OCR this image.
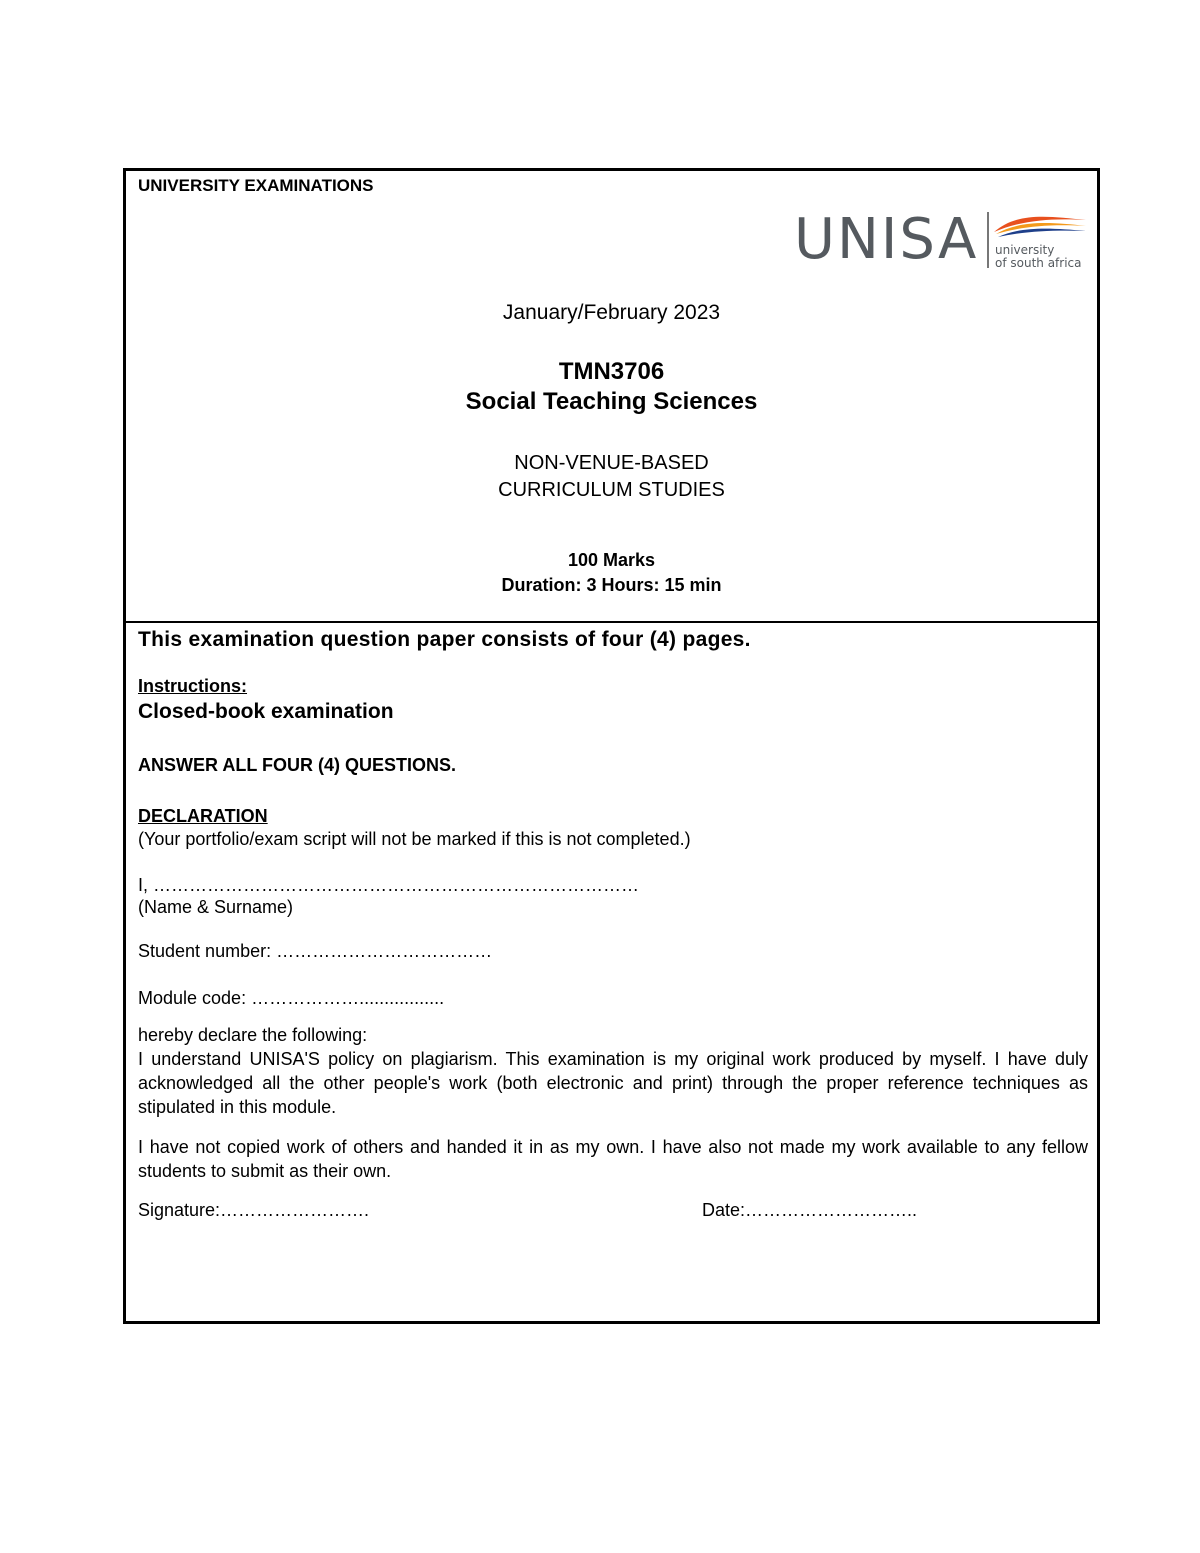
UNIVERSITY EXAMINATIONS
UNISA university
of south africa
January/February 2023
TMN3706
Social Teaching Sciences
NON-VENUE-BASED
CURRICULUM STUDIES
100 Marks
Duration: 3 Hours: 15 min
This examination question paper consists of four (4) pages.
Instructions:
Closed-book examination
ANSWER ALL FOUR (4) QUESTIONS.
DECLARATION
(Your portfolio/exam script will not be marked if this is not completed.)
I, ………………………………………………………………………
(Name & Surname)
Student number: ………………………………
Module code: ……………….................
hereby declare the following:
I understand UNISA'S policy on plagiarism. This examination is my original work produced by myself. I have duly acknowledged all the other people's work (both electronic and print) through the proper reference techniques as stipulated in this module.
I have not copied work of others and handed it in as my own. I have also not made my work available to any fellow students to submit as their own.
Signature:…………………….	Date:………………………..
